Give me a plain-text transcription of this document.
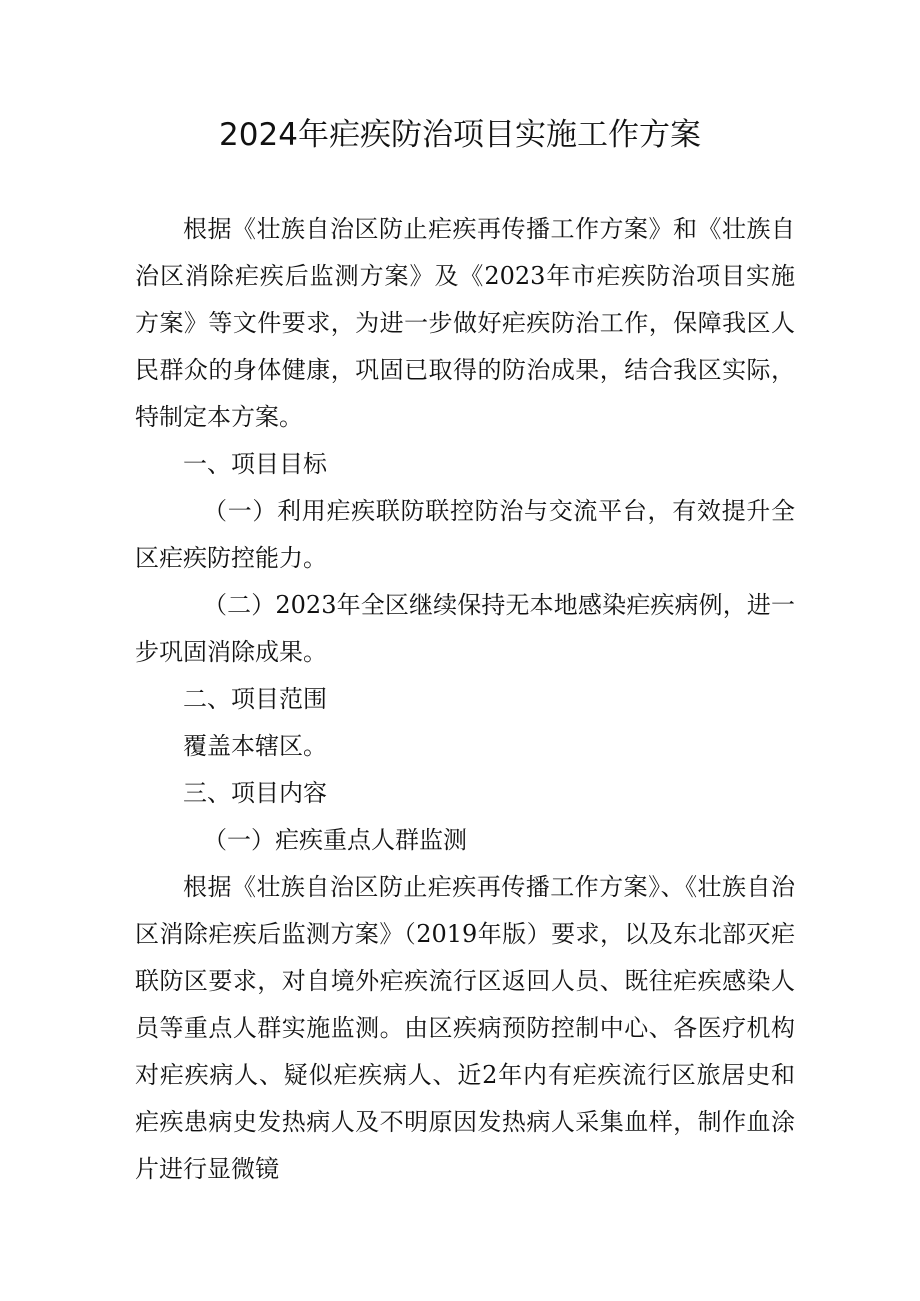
2024年疟疾防治项目实施工作方案

根据《壮族自治区防止疟疾再传播工作方案》和《壮族自治区消除疟疾后监测方案》及《2023年市疟疾防治项目实施方案》等文件要求，为进一步做好疟疾防治工作，保障我区人民群众的身体健康，巩固已取得的防治成果，结合我区实际，特制定本方案。

一、项目目标

（一）利用疟疾联防联控防治与交流平台，有效提升全区疟疾防控能力。

（二）2023年全区继续保持无本地感染疟疾病例，进一步巩固消除成果。

二、项目范围

覆盖本辖区。

三、项目内容

（一）疟疾重点人群监测

根据《壮族自治区防止疟疾再传播工作方案》、《壮族自治区消除疟疾后监测方案》（2019年版）要求，以及东北部灭疟联防区要求，对自境外疟疾流行区返回人员、既往疟疾感染人员等重点人群实施监测。由区疾病预防控制中心、各医疗机构对疟疾病人、疑似疟疾病人、近2年内有疟疾流行区旅居史和疟疾患病史发热病人及不明原因发热病人采集血样，制作血涂片进行显微镜
